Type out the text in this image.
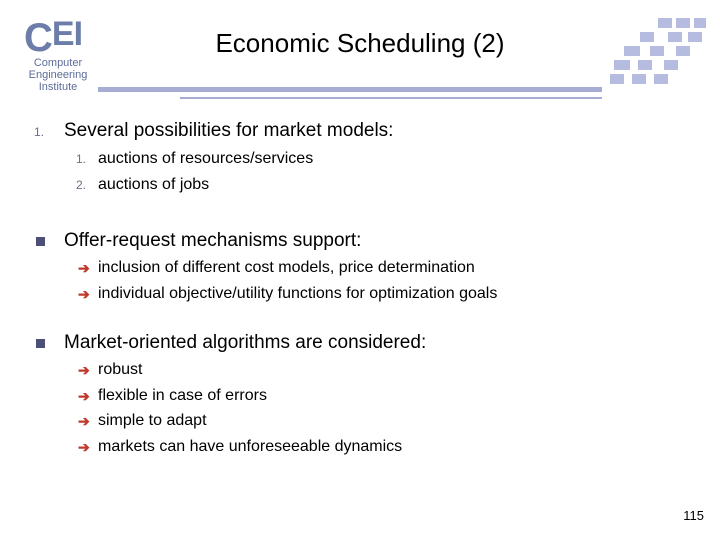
CEI
Computer
Engineering
Institute
Economic Scheduling (2)
1. Several possibilities for market models:
1. auctions of resources/services
2. auctions of jobs
Offer-request mechanisms support:
➔ inclusion of different cost models, price determination
➔ individual objective/utility functions for optimization goals
Market-oriented algorithms are considered:
➔ robust
➔ flexible in case of errors
➔ simple to adapt
➔ markets can have unforeseeable dynamics
115
